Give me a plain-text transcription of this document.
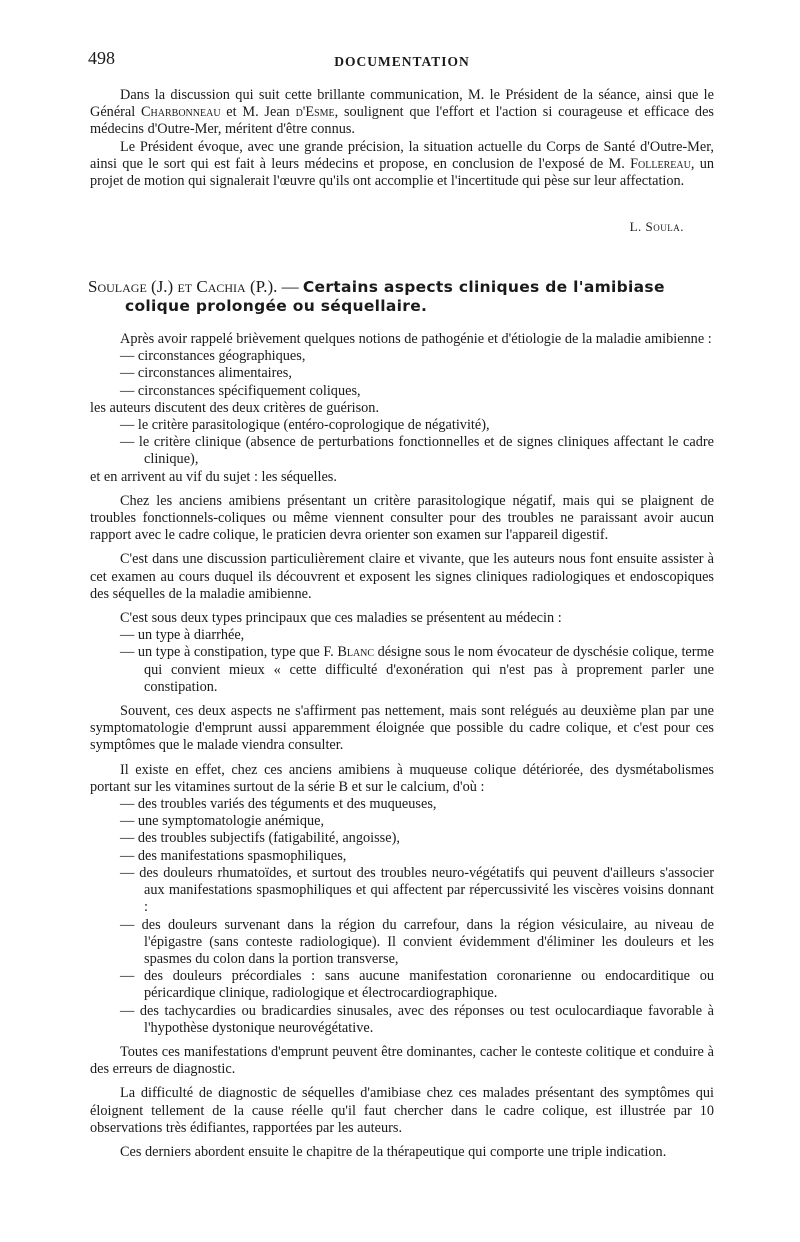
498	DOCUMENTATION

Dans la discussion qui suit cette brillante communication, M. le Président de la séance, ainsi que le Général Charbonneau et M. Jean d'Esme, soulignent que l'effort et l'action si courageuse et efficace des médecins d'Outre-Mer, méritent d'être connus.

Le Président évoque, avec une grande précision, la situation actuelle du Corps de Santé d'Outre-Mer, ainsi que le sort qui est fait à leurs médecins et propose, en conclusion de l'exposé de M. Follereau, un projet de motion qui signalerait l'œuvre qu'ils ont accomplie et l'incertitude qui pèse sur leur affectation.

L. Soula.
Soulage (J.) et Cachia (P.). — Certains aspects cliniques de l'amibiase
colique prolongée ou séquellaire.

Après avoir rappelé brièvement quelques notions de pathogénie et d'étiologie de la maladie amibienne :

— circonstances géographiques,
— circonstances alimentaires,
— circonstances spécifiquement coliques,

les auteurs discutent des deux critères de guérison.

— le critère parasitologique (entéro-coprologique de négativité),

— le critère clinique (absence de perturbations fonctionnelles et de signes cliniques affectant le cadre clinique),

et en arrivent au vif du sujet : les séquelles.

Chez les anciens amibiens présentant un critère parasitologique négatif, mais qui se plaignent de troubles fonctionnels-coliques ou même viennent consulter pour des troubles ne paraissant avoir aucun rapport avec le cadre colique, le praticien devra orienter son examen sur l'appareil digestif.

C'est dans une discussion particulièrement claire et vivante, que les auteurs nous font ensuite assister à cet examen au cours duquel ils découvrent et exposent les signes cliniques radiologiques et endoscopiques des séquelles de la maladie amibienne.

C'est sous deux types principaux que ces maladies se présentent au médecin :

— un type à diarrhée,

— un type à constipation, type que F. Blanc désigne sous le nom évocateur de dyschésie colique, terme qui convient mieux « cette difficulté d'exonération qui n'est pas à proprement parler une constipation.

Souvent, ces deux aspects ne s'affirment pas nettement, mais sont relégués au deuxième plan par une symptomatologie d'emprunt aussi apparemment éloignée que possible du cadre colique, et c'est pour ces symptômes que le malade viendra consulter.

Il existe en effet, chez ces anciens amibiens à muqueuse colique détériorée, des dysmétabolismes portant sur les vitamines surtout de la série B et sur le calcium, d'où :

— des troubles variés des téguments et des muqueuses,

— une symptomatologie anémique,

— des troubles subjectifs (fatigabilité, angoisse),

— des manifestations spasmophiliques,

— des douleurs rhumatoïdes, et surtout des troubles neuro-végétatifs qui peuvent d'ailleurs s'associer aux manifestations spasmophiliques et qui affectent par répercussivité les viscères voisins donnant :

— des douleurs survenant dans la région du carrefour, dans la région vésiculaire, au niveau de l'épigastre (sans conteste radiologique). Il convient évidemment d'éliminer les douleurs et les spasmes du colon dans la portion transverse,

— des douleurs précordiales : sans aucune manifestation coronarienne ou endocarditique ou péricardique clinique, radiologique et électrocardiographique.

— des tachycardies ou bradicardies sinusales, avec des réponses ou test oculocardiaque favorable à l'hypothèse dystonique neurovégétative.

Toutes ces manifestations d'emprunt peuvent être dominantes, cacher le conteste colitique et conduire à des erreurs de diagnostic.

La difficulté de diagnostic de séquelles d'amibiase chez ces malades présentant des symptômes qui éloignent tellement de la cause réelle qu'il faut chercher dans le cadre colique, est illustrée par 10 observations très édifiantes, rapportées par les auteurs.

Ces derniers abordent ensuite le chapitre de la thérapeutique qui comporte une triple indication.
